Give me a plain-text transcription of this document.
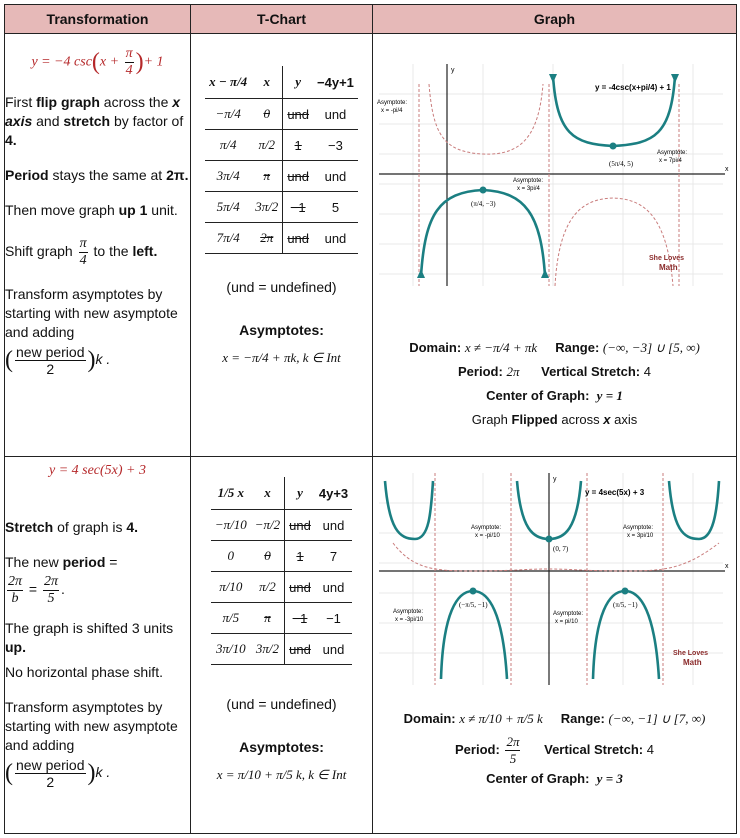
Transformation	T-Chart	Graph

y = −4 $\csc(x + \frac{\pi}{4}$ )+ 1

First flip graph across the x axis and stretch by factor of 4.

Period stays the same at 2π.

Then move graph up 1 unit.

Shift graph $\frac{\pi}{4}$ to the left.

Transform asymptotes by starting with new asymptote and adding

( $\frac{\text{new period}}{2} )k$ .

x − π/4	x	y	−4y+1
−π/4	0	und	und
π/4	π/2	1	−3
3π/4	π	und	und
5π/4	3π/2	−1	5
7π/4	2π	und	und
(und = undefined)
Asymptotes:
x = −π/4 + πk, k ∈ Int

y
x
y = -4csc(x+pi/4) + 1
Asymptote:
x = -pi/4
Asymptote:
x = 3pi/4
Asymptote:
x = 7pi/4
(5π/4, 5)
(π/4, −3)
She Loves
Math
Domain: x ≠ −π/4 + πk Range: (−∞, −3] ∪ [5, ∞)
Period: 2π Vertical Stretch: 4
Center of Graph: y = 1
Graph Flipped across x axis

y = 4 sec(5x) + 3

Stretch of graph is 4.

The new period =

$\frac{2\pi}{b} = \frac{2\pi}{5}$ .

The graph is shifted 3 units up.

No horizontal phase shift.

Transform asymptotes by starting with new asymptote and adding

( $\frac{\text{new period}}{2} )k$ .

1/5 x	x	y	4y+3
−π/10	−π/2	und	und
0	0	1	7
π/10	π/2	und	und
π/5	π	−1	−1
3π/10	3π/2	und	und
(und = undefined)
Asymptotes:
x = π/10 + π/5 k, k ∈ Int

y
x
y = 4sec(5x) + 3
Asymptote:
x = -pi/10
Asymptote:
x = 3pi/10
Asymptote:
x = -3pi/10
Asymptote:
x = pi/10
(0, 7)
(−π/5, −1)	(π/5, −1)
She Loves
Math
Domain: x ≠ π/10 + π/5 k Range: (−∞, −1] ∪ [7, ∞)
Period: $\frac{2\pi}{5}$ Vertical Stretch: 4
Center of Graph: y = 3
